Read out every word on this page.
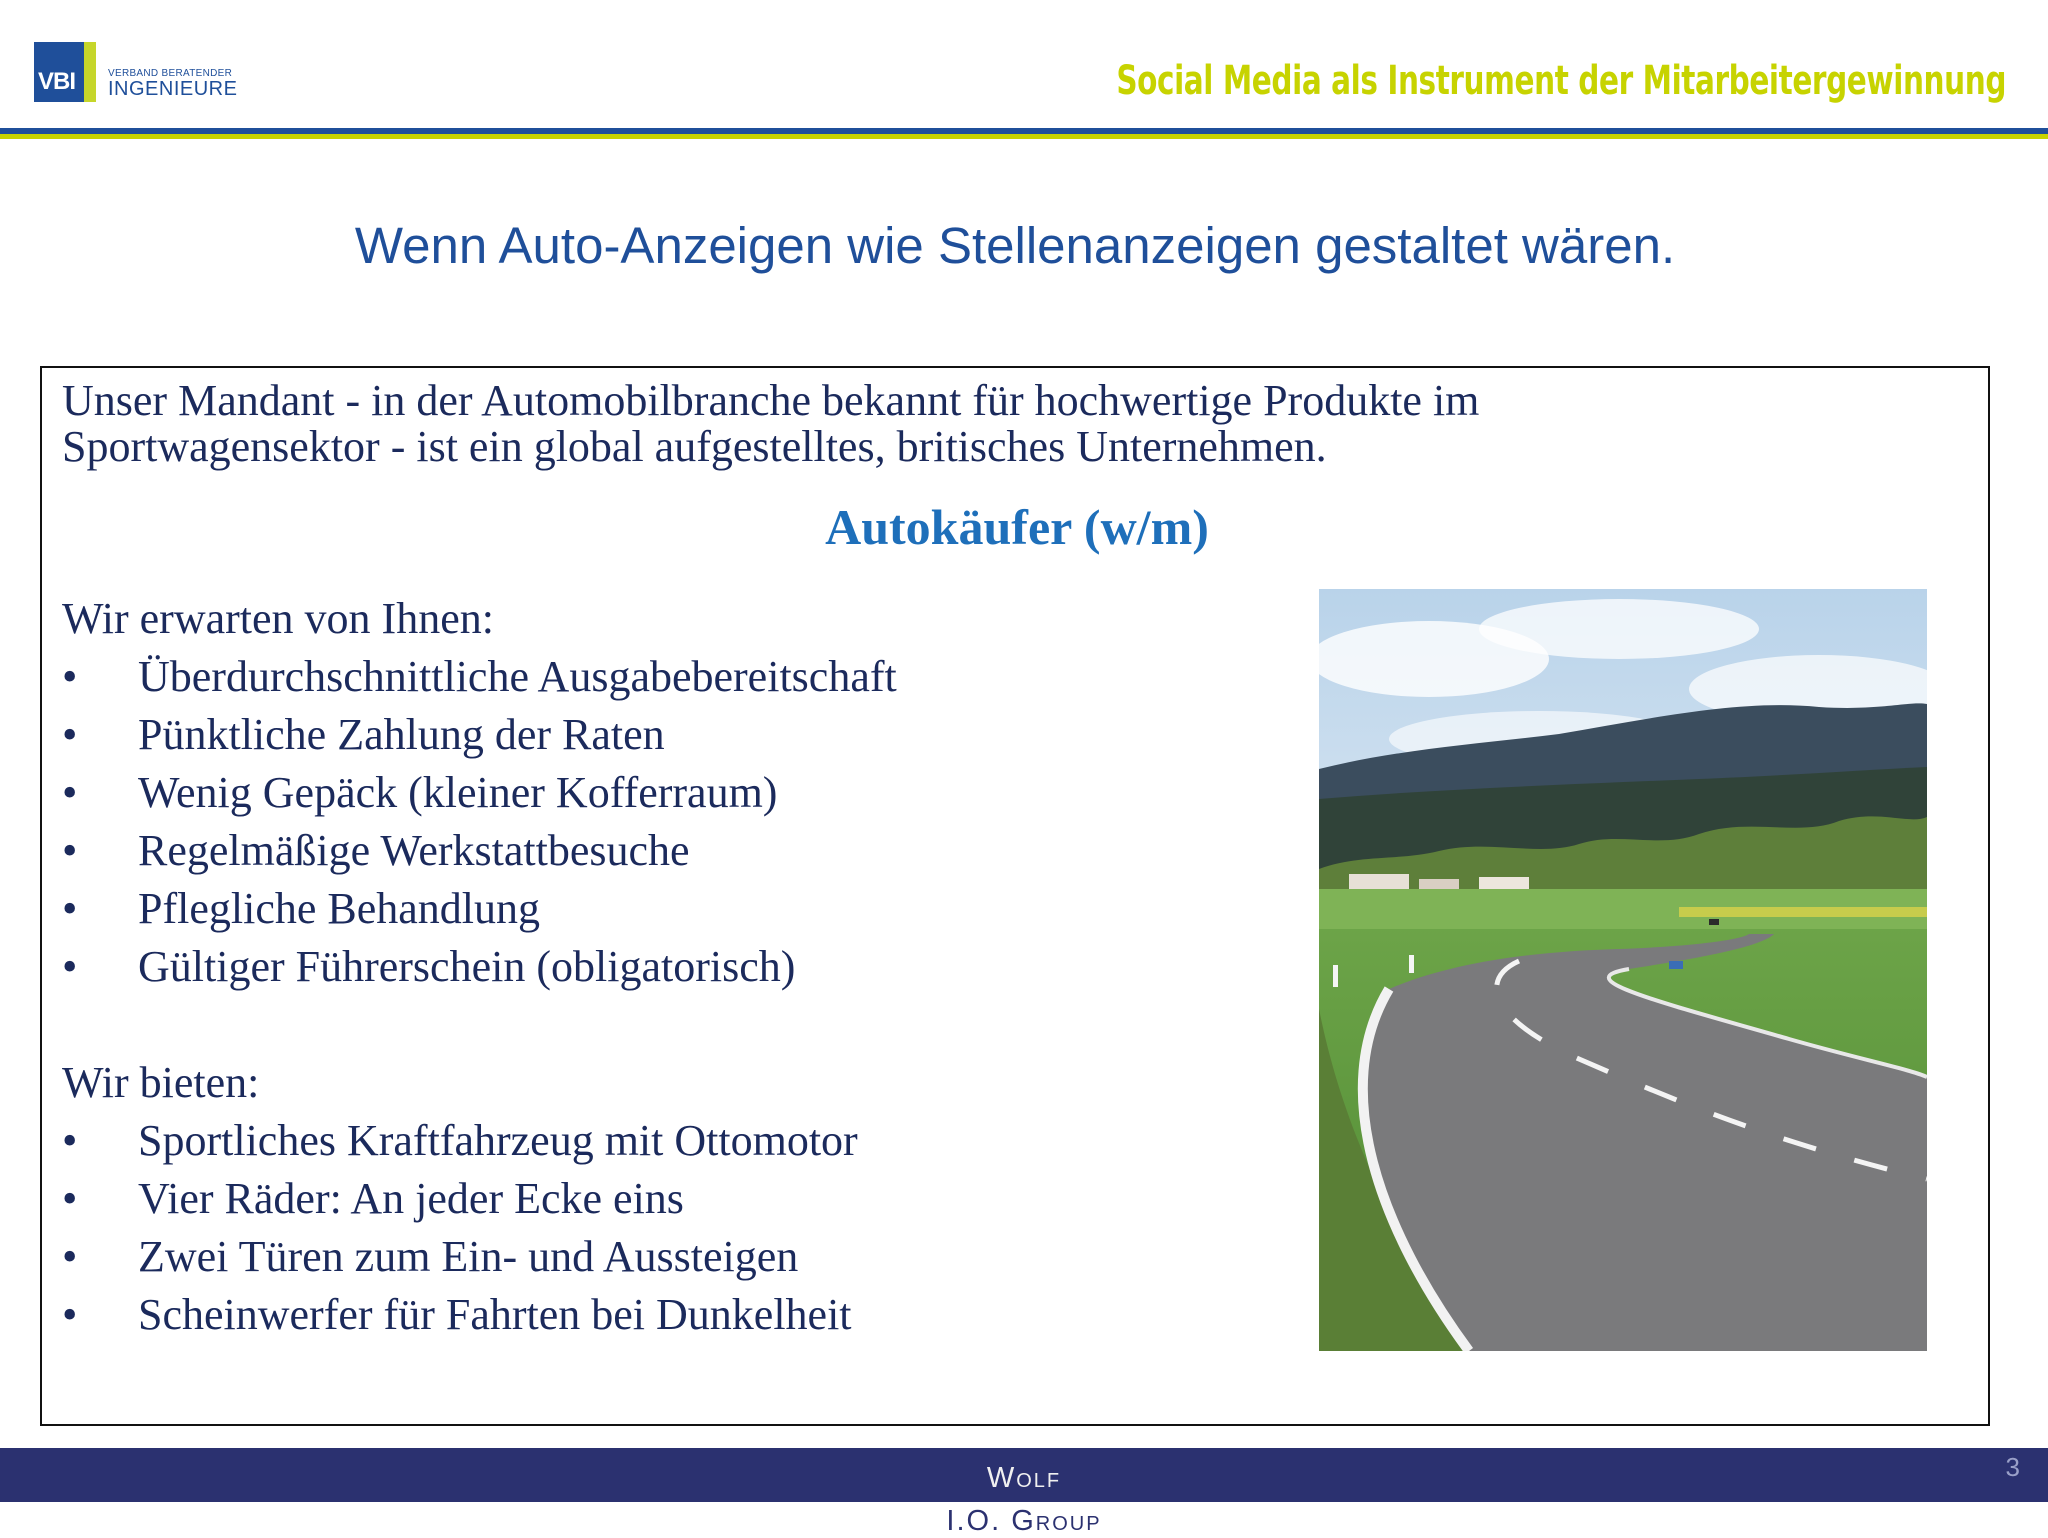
VBI	VERBAND BERATENDER
INGENIEURE	Social Media als Instrument der Mitarbeitergewinnung
Wenn Auto-Anzeigen wie Stellenanzeigen gestaltet wären.
Unser Mandant - in der Automobilbranche bekannt für hochwertige Produkte im
Sportwagensektor - ist ein global aufgestelltes, britisches Unternehmen.
Autokäufer (w/m)
Wir erwarten von Ihnen:
•	Überdurchschnittliche Ausgabebereitschaft
•	Pünktliche Zahlung der Raten
•	Wenig Gepäck (kleiner Kofferraum)
•	Regelmäßige Werkstattbesuche
•	Pflegliche Behandlung
•	Gültiger Führerschein (obligatorisch)
Wir bieten:
•	Sportliches Kraftfahrzeug mit Ottomotor
•	Vier Räder: An jeder Ecke eins
•	Zwei Türen zum Ein- und Aussteigen
•	Scheinwerfer für Fahrten bei Dunkelheit
Wolf
I.O. Group
3
